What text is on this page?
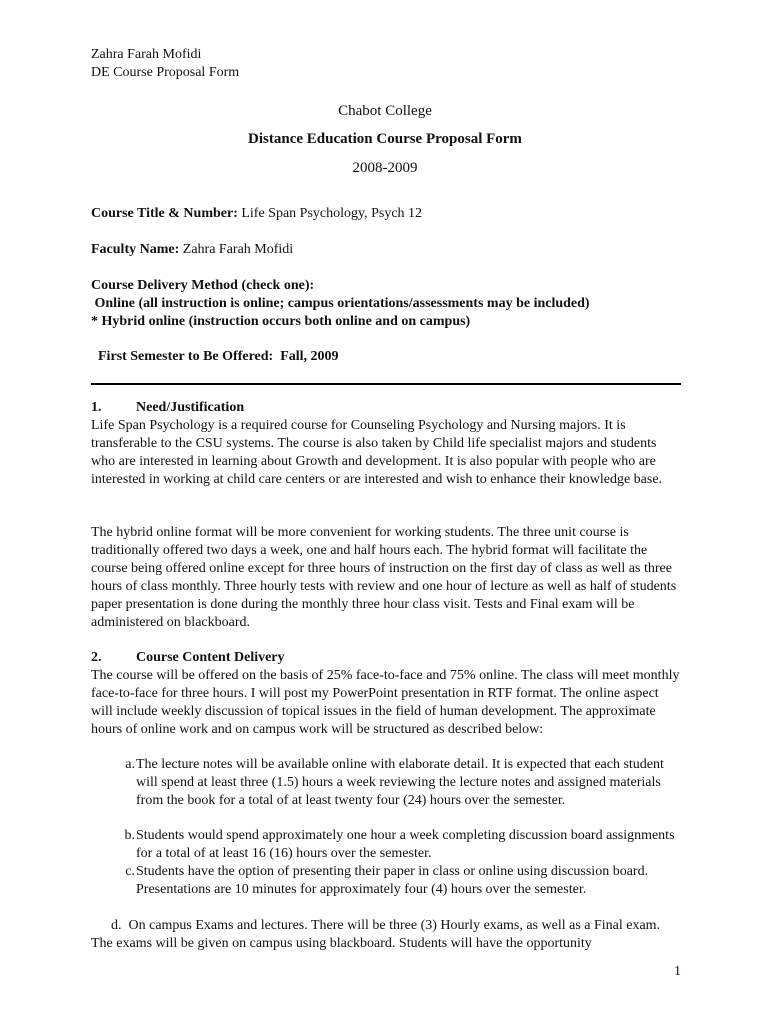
Zahra Farah Mofidi
DE Course Proposal Form
Chabot College
Distance Education Course Proposal Form
2008-2009
Course Title & Number: Life Span Psychology, Psych 12
Faculty Name: Zahra Farah Mofidi
Course Delivery Method (check one):
Online (all instruction is online; campus orientations/assessments may be included)
* Hybrid online (instruction occurs both online and on campus)
First Semester to Be Offered:  Fall, 2009
1. Need/Justification

Life Span Psychology is a required course for Counseling Psychology and Nursing majors. It is transferable to the CSU systems. The course is also taken by Child life specialist majors and students who are interested in learning about Growth and development. It is also popular with people who are interested in working at child care centers or are interested and wish to enhance their knowledge base.

The hybrid online format will be more convenient for working students. The three unit course is traditionally offered two days a week, one and half hours each. The hybrid format will facilitate the course being offered online except for three hours of instruction on the first day of class as well as three hours of class monthly. Three hourly tests with review and one hour of lecture as well as half of students paper presentation is done during the monthly three hour class visit. Tests and Final exam will be administered on blackboard.

2. Course Content Delivery

The course will be offered on the basis of 25% face-to-face and 75% online. The class will meet monthly face-to-face for three hours. I will post my PowerPoint presentation in RTF format. The online aspect will include weekly discussion of topical issues in the field of human development. The approximate hours of online work and on campus work will be structured as described below:

a. The lecture notes will be available online with elaborate detail. It is expected that each student will spend at least three (1.5) hours a week reviewing the lecture notes and assigned materials from the book for a total of at least twenty four (24) hours over the semester.
b. Students would spend approximately one hour a week completing discussion board assignments for a total of at least 16 (16) hours over the semester.
c. Students have the option of presenting their paper in class or online using discussion board. Presentations are 10 minutes for approximately four (4) hours over the semester.
d. On campus Exams and lectures. There will be three (3) Hourly exams, as well as a Final exam. The exams will be given on campus using blackboard. Students will have the opportunity
1
